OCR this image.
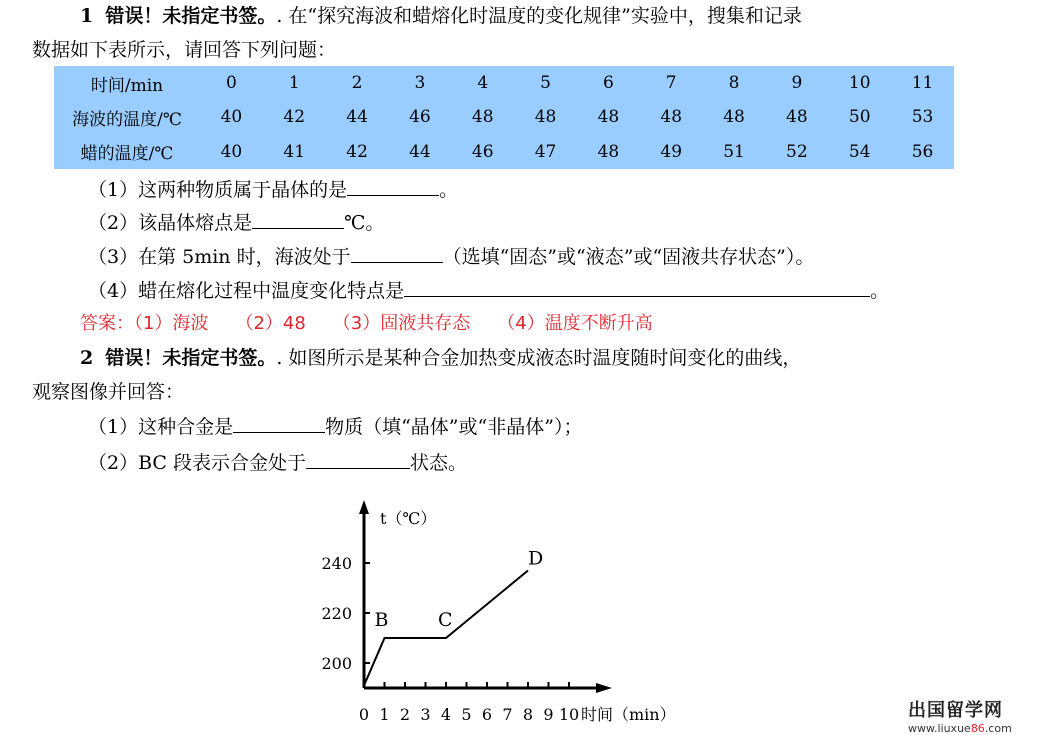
1 错误！未指定书签。. 在“探究海波和蜡熔化时温度的变化规律”实验中，搜集和记录
数据如下表所示，请回答下列问题：
时间/min	0	1	2	3	4	5	6	7	8	9	10	11
海波的温度/℃	40	42	44	46	48	48	48	48	48	48	50	53
蜡的温度/℃	40	41	42	44	46	47	48	49	51	52	54	56
（1）这两种物质属于晶体的是	。
（2）该晶体熔点是	℃。
（3）在第 5min 时，海波处于	（选填“固态”或“液态”或“固液共存状态”）。
（4）蜡在熔化过程中温度变化特点是	。
答案：（1）海波　　（2）48　　（3）固液共存态　　（4）温度不断升高
2 错误！未指定书签。. 如图所示是某种合金加热变成液态时温度随时间变化的曲线，
观察图像并回答：
（1）这种合金是	物质（填“晶体”或“非晶体”）；
（2）BC 段表示合金处于	状态。
0 1 2 3 4 5 6 7 8 9 10
200
220
240
t（℃）
时间（min）
B	C
D
出国留学网
www.liuxue86.com
